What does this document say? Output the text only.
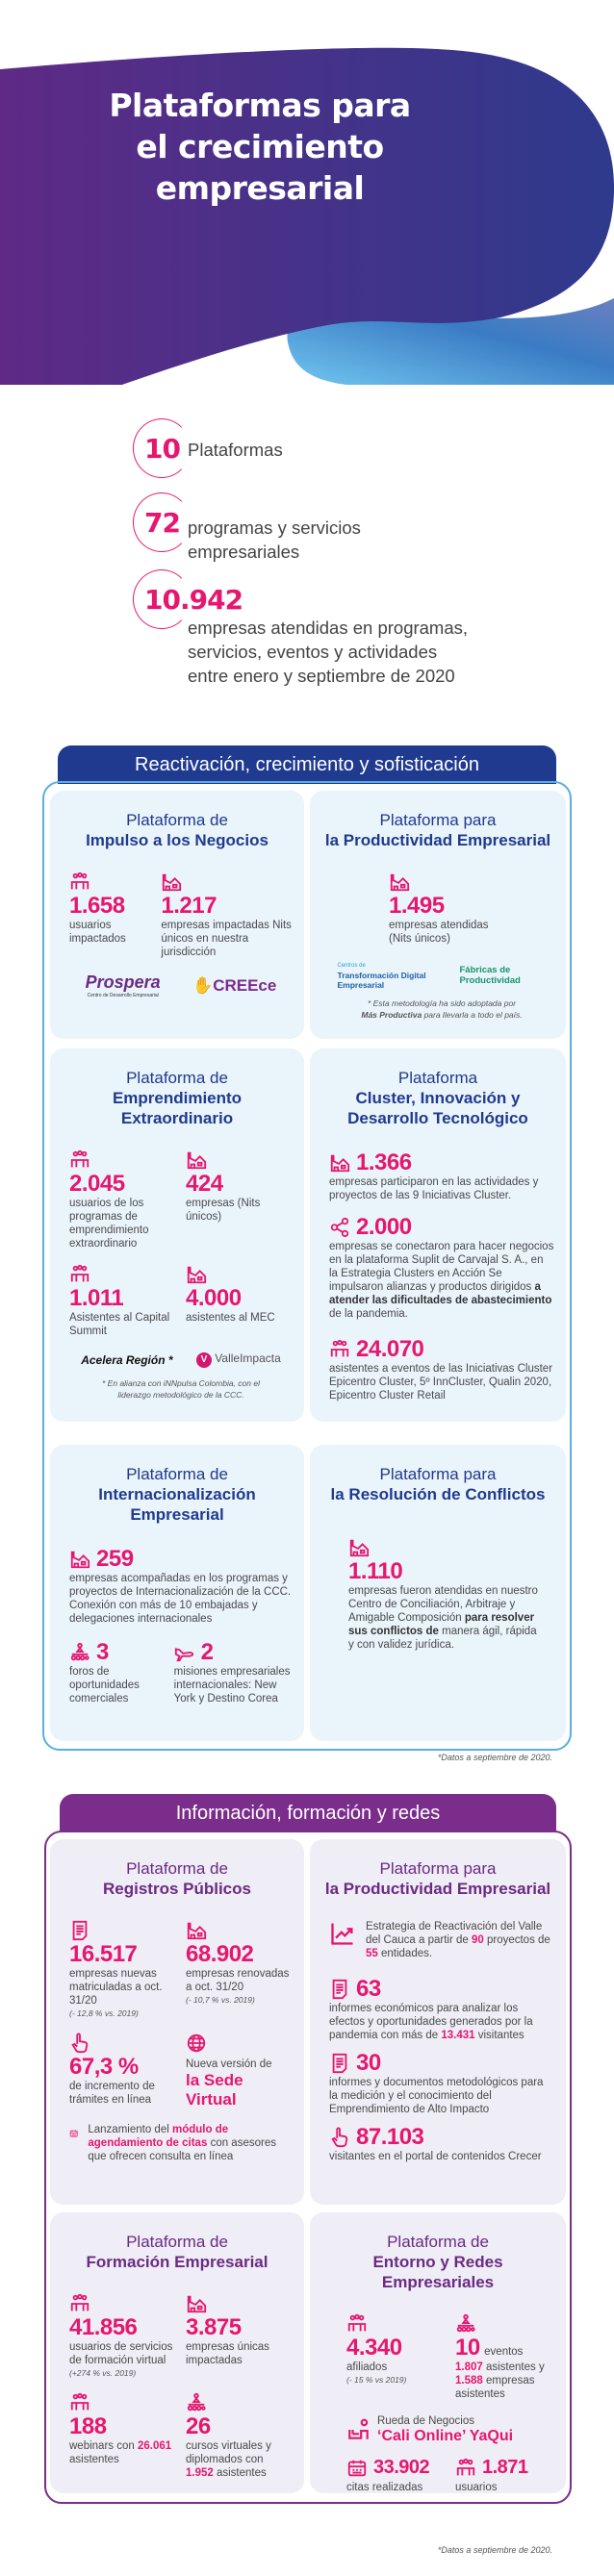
Plataformas para
el crecimiento
empresarial
10 Plataformas
72 programas y servicios empresariales
10.942
empresas atendidas en programas, servicios, eventos y actividades entre enero y septiembre de 2020
Reactivación, crecimiento y sofisticación
Plataforma de
Impulso a los Negocios
1.658
usuarios impactados
1.217
empresas impactadas Nits únicos en nuestra jurisdicción
Prospera
Centro de Desarrollo Empresarial
✋CREEce
Plataforma para
la Productividad Empresarial
1.495
empresas atendidas (Nits únicos)
Centros de
Transformación Digital Empresarial
Fábricas de Productividad
* Esta metodología ha sido adoptada por
Más Productiva para llevarla a todo el país.
Plataforma de
Emprendimiento Extraordinario
2.045
usuarios de los programas de emprendimiento extraordinario
424
empresas (Nits únicos)
1.011
Asistentes al Capital Summit
4.000
asistentes al MEC
Acelera Región *	V ValleImpacta
* En alianza con iNNpulsa Colombia, con el liderazgo metodológico de la CCC.
Plataforma
Cluster, Innovación y Desarrollo Tecnológico
1.366
empresas participaron en las actividades y proyectos de las 9 Iniciativas Cluster.
2.000
empresas se conectaron para hacer negocios en la plataforma Suplit de Carvajal S. A., en la Estrategia Clusters en Acción Se impulsaron alianzas y productos dirigidos a atender las dificultades de abastecimiento de la pandemia.
24.070
asistentes a eventos de las Iniciativas Cluster Epicentro Cluster, 5º InnCluster, Qualin 2020, Epicentro Cluster Retail
Plataforma de
Internacionalización Empresarial
259
empresas acompañadas en los programas y proyectos de Internacionalización de la CCC. Conexión con más de 10 embajadas y delegaciones internacionales
3
foros de oportunidades comerciales
2
misiones empresariales internacionales: New York y Destino Corea
Plataforma para
la Resolución de Conflictos
1.110
empresas fueron atendidas en nuestro Centro de Conciliación, Arbitraje y Amigable Composición para resolver sus conflictos de manera ágil, rápida y con validez jurídica.
*Datos a septiembre de 2020.
Información, formación y redes
Plataforma de
Registros Públicos
16.517
empresas nuevas matriculadas a oct. 31/20
(- 12,8 % vs. 2019)
68.902
empresas renovadas a oct. 31/20
(- 10,7 % vs. 2019)
67,3 %
de incremento de trámites en línea
Nueva versión de
la Sede Virtual
Lanzamiento del módulo de agendamiento de citas con asesores que ofrecen consulta en línea
Plataforma para
la Productividad Empresarial
Estrategia de Reactivación del Valle del Cauca a partir de 90 proyectos de 55 entidades.
63
informes económicos para analizar los efectos y oportunidades generados por la pandemia con más de 13.431 visitantes
30
informes y documentos metodológicos para la medición y el conocimiento del Emprendimiento de Alto Impacto
87.103
visitantes en el portal de contenidos Crecer
Plataforma de
Formación Empresarial
41.856
usuarios de servicios de formación virtual
(+274 % vs. 2019)
3.875
empresas únicas impactadas
188
webinars con 26.061 asistentes
26
cursos virtuales y diplomados con 1.952 asistentes
Plataforma de
Entorno y Redes Empresariales
4.340
afiliados
(- 15 % vs 2019)
10 eventos
1.807 asistentes y 1.588 empresas asistentes
Rueda de Negocios
‘Cali Online’ YaQui
33.902
citas realizadas
1.871
usuarios
*Datos a septiembre de 2020.
